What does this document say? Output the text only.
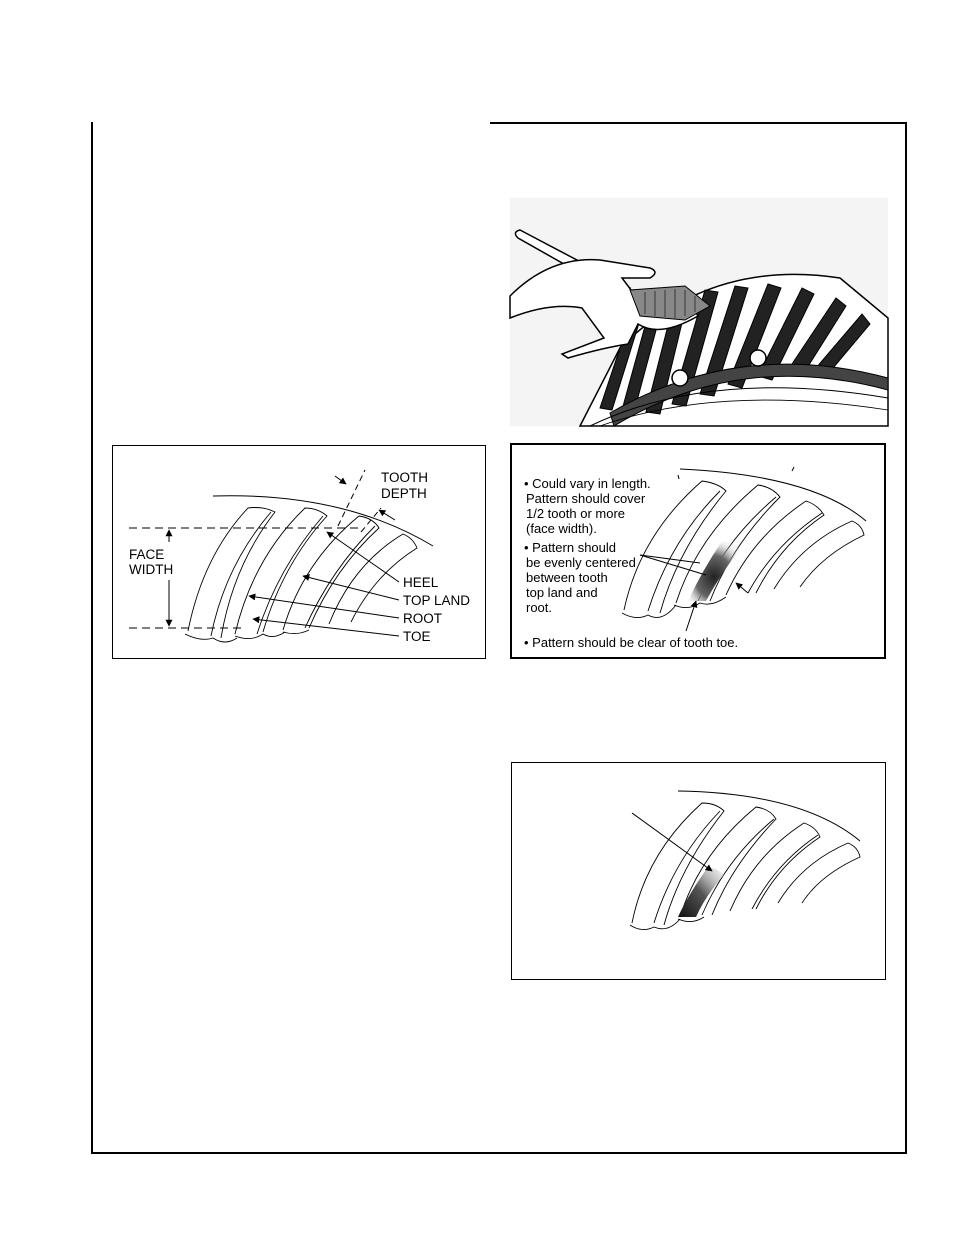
TOOTH
DEPTH
FACE
WIDTH
HEEL
TOP LAND
ROOT
TOE
• Could vary in length.
Pattern should cover
1/2 tooth or more
(face width).
• Pattern should
be evenly centered
between tooth
top land and
root.
• Pattern should be clear of tooth toe.
